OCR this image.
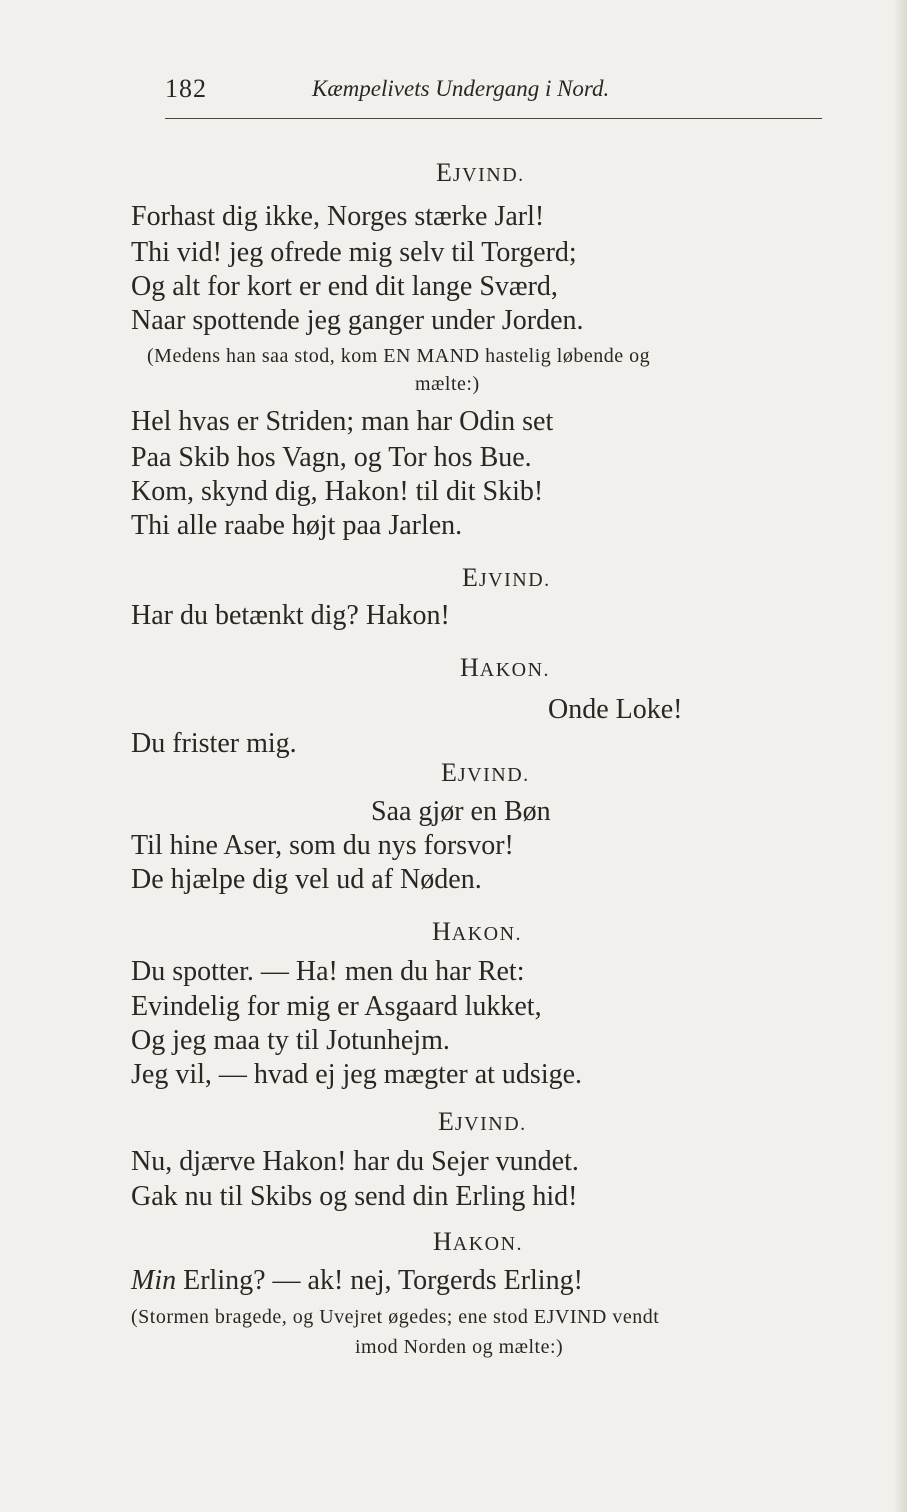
182	Kæmpelivets Undergang i Nord.
EJVIND.
Forhast dig ikke, Norges stærke Jarl!
Thi vid! jeg ofrede mig selv til Torgerd;
Og alt for kort er end dit lange Sværd,
Naar spottende jeg ganger under Jorden.
(Medens han saa stod, kom EN MAND hastelig løbende og
mælte:)
Hel hvas er Striden; man har Odin set
Paa Skib hos Vagn, og Tor hos Bue.
Kom, skynd dig, Hakon! til dit Skib!
Thi alle raabe højt paa Jarlen.
EJVIND.
Har du betænkt dig? Hakon!
HAKON.
Onde Loke!
Du frister mig.
EJVIND.
Saa gjør en Bøn
Til hine Aser, som du nys forsvor!
De hjælpe dig vel ud af Nøden.
HAKON.
Du spotter. — Ha! men du har Ret:
Evindelig for mig er Asgaard lukket,
Og jeg maa ty til Jotunhejm.
Jeg vil, — hvad ej jeg mægter at udsige.
EJVIND.
Nu, djærve Hakon! har du Sejer vundet.
Gak nu til Skibs og send din Erling hid!
HAKON.
Min Erling? — ak! nej, Torgerds Erling!
(Stormen bragede, og Uvejret øgedes; ene stod EJVIND vendt
imod Norden og mælte:)
